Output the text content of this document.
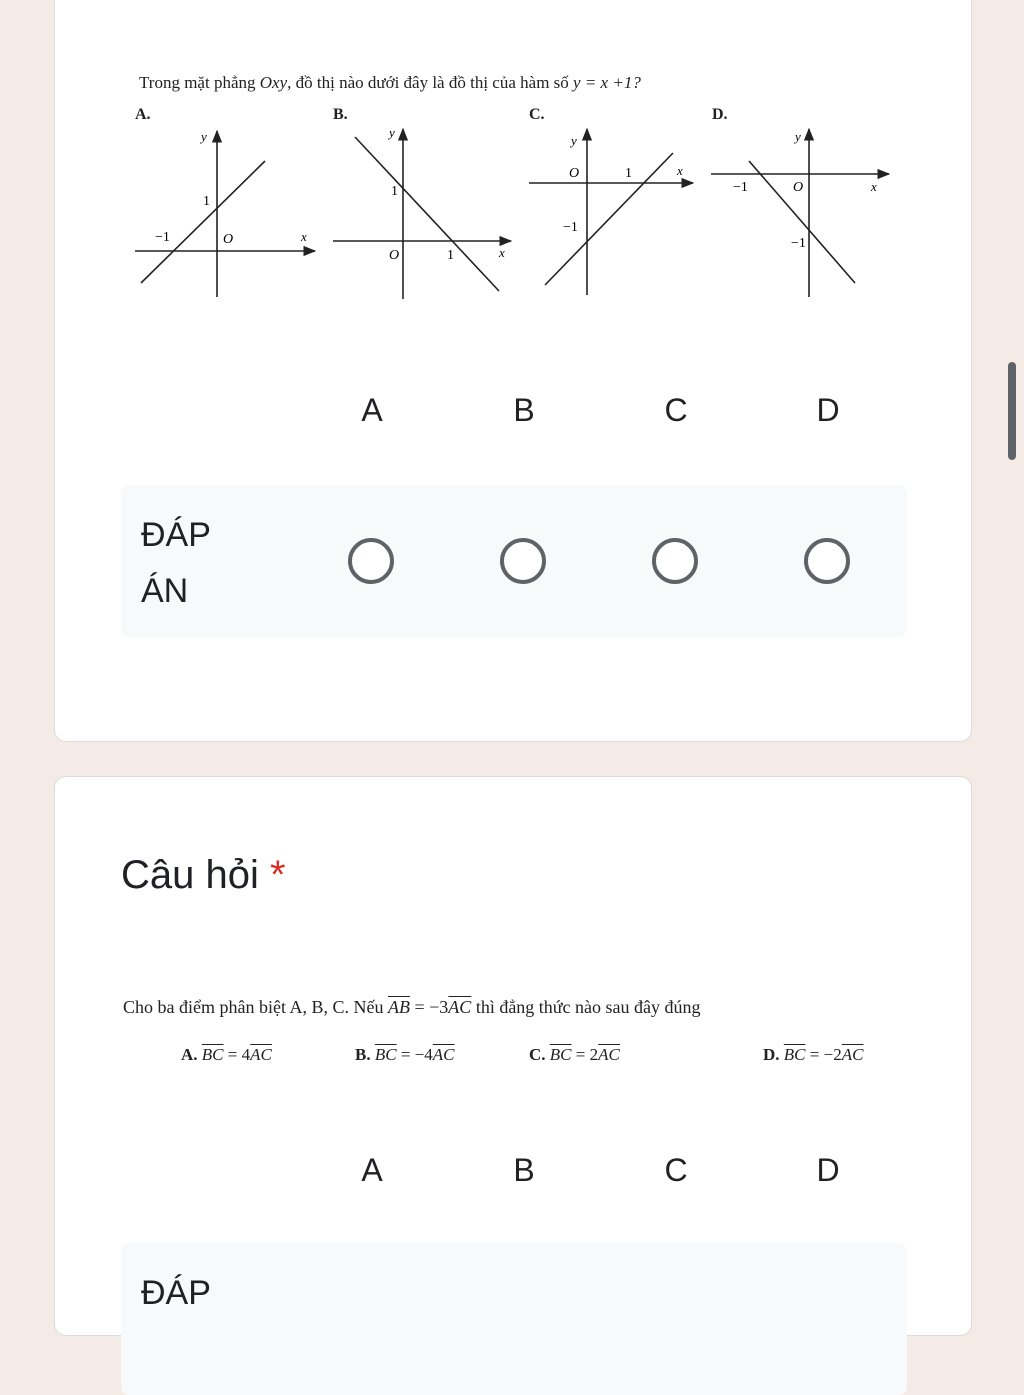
Trong mặt phẳng Oxy, đồ thị nào dưới đây là đồ thị của hàm số y = x +1?
A.	B.	C.	D.
y
x
O
1
−1
y
x
O
1
1
y
x
O	1
−1
y
x
O
−1
−1
A	B	C	D
ĐÁP ÁN
Câu hỏi *
Cho ba điểm phân biệt A, B, C. Nếu $\overline{AB} = -3\overline{AC}$ thì đẳng thức nào sau đây đúng
A. $\overline{BC} = 4\overline{AC}$	B. $\overline{BC} = -4\overline{AC}$	C. $\overline{BC} = 2\overline{AC}$	D. $\overline{BC} = -2\overline{AC}$
A	B	C	D
ĐÁP
